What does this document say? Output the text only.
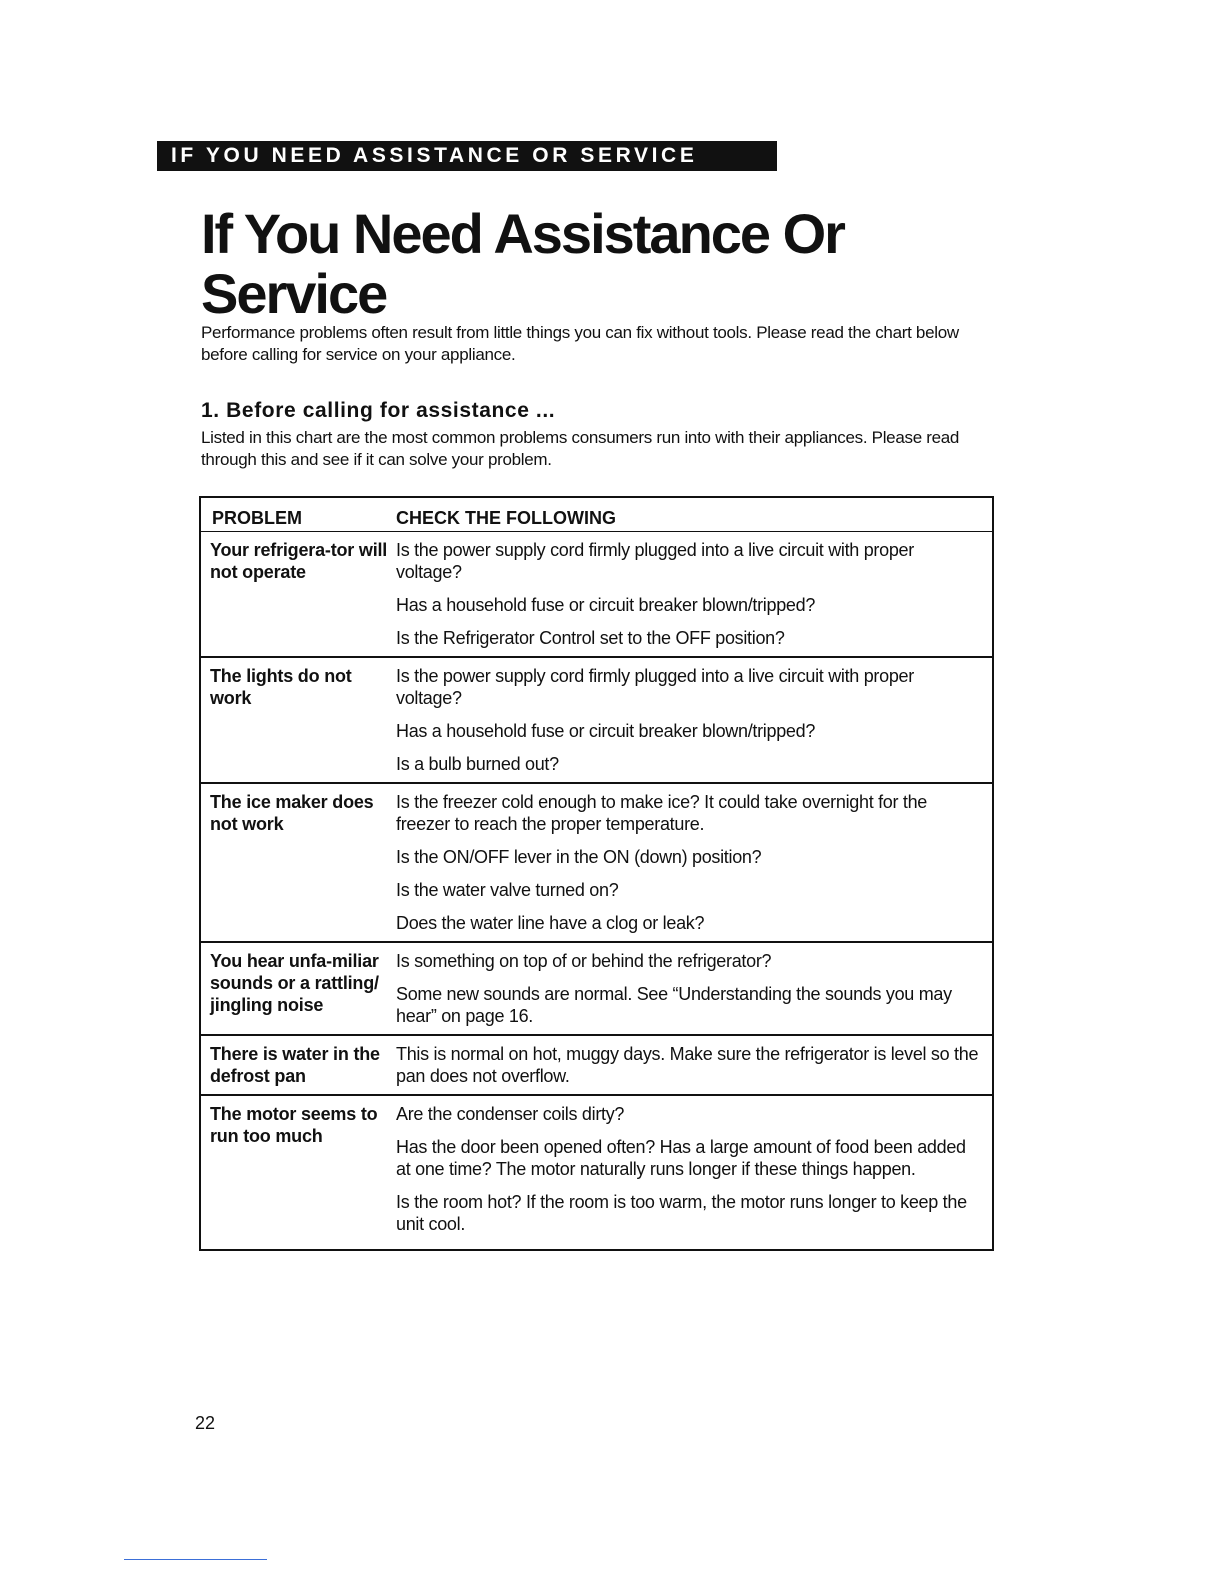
IF YOU NEED ASSISTANCE OR SERVICE
If You Need Assistance Or Service

Performance problems often result from little things you can fix without tools. Please read the chart below before calling for service on your appliance.

1. Before calling for assistance ...

Listed in this chart are the most common problems consumers run into with their appliances. Please read through this and see if it can solve your problem.

PROBLEM	CHECK THE FOLLOWING
Your refrigera-tor will not operate
Is the power supply cord firmly plugged into a live circuit with proper voltage?
Has a household fuse or circuit breaker blown/tripped?
Is the Refrigerator Control set to the OFF position?
The lights do not work
Is the power supply cord firmly plugged into a live circuit with proper voltage?
Has a household fuse or circuit breaker blown/tripped?
Is a bulb burned out?
The ice maker does not work
Is the freezer cold enough to make ice? It could take overnight for the freezer to reach the proper temperature.
Is the ON/OFF lever in the ON (down) position?
Is the water valve turned on?
Does the water line have a clog or leak?
You hear unfa-miliar sounds or a rattling/ jingling noise
Is something on top of or behind the refrigerator?
Some new sounds are normal. See “Understanding the sounds you may hear” on page 16.
There is water in the defrost pan
This is normal on hot, muggy days. Make sure the refrigerator is level so the pan does not overflow.
The motor seems to run too much
Are the condenser coils dirty?
Has the door been opened often? Has a large amount of food been added at one time? The motor naturally runs longer if these things happen.
Is the room hot? If the room is too warm, the motor runs longer to keep the unit cool.
22
